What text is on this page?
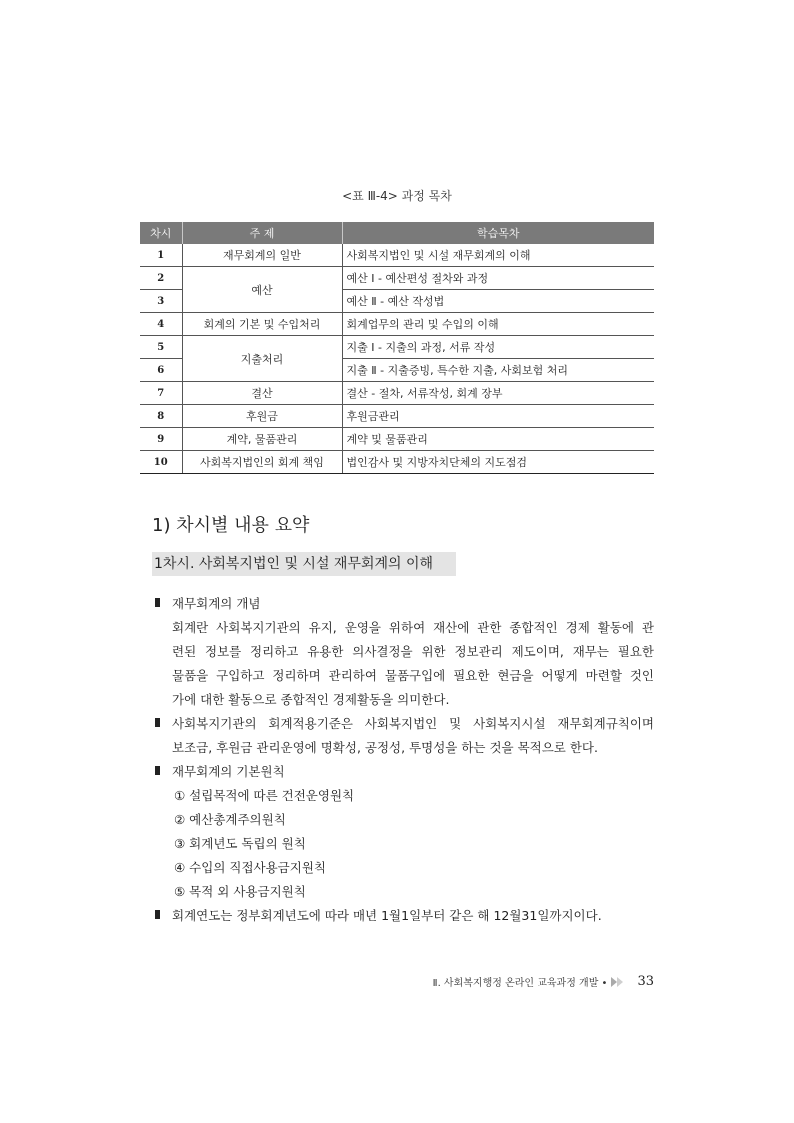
<표 Ⅲ-4> 과정 목차
차시	주 제	학습목차
1	재무회계의 일반	사회복지법인 및 시설 재무회계의 이해
2	예산	예산 Ⅰ - 예산편성 절차와 과정
3		예산 Ⅱ - 예산 작성법
4	회계의 기본 및 수입처리	회계업무의 관리 및 수입의 이해
5	지출처리	지출 Ⅰ - 지출의 과정, 서류 작성
6		지출 Ⅱ - 지출증빙, 특수한 지출, 사회보험 처리
7	결산	결산 - 절차, 서류작성, 회계 장부
8	후원금	후원금관리
9	계약, 물품관리	계약 및 물품관리
10	사회복지법인의 회계 책임	법인감사 및 지방자치단체의 지도점검
1) 차시별 내용 요약
1차시. 사회복지법인 및 시설 재무회계의 이해
재무회계의 개념
회계란 사회복지기관의 유지, 운영을 위하여 재산에 관한 종합적인 경제 활동에 관
련된 정보를 정리하고 유용한 의사결정을 위한 정보관리 제도이며, 재무는 필요한
물품을 구입하고 정리하며 관리하여 물품구입에 필요한 현금을 어떻게 마련할 것인
가에 대한 활동으로 종합적인 경제활동을 의미한다.
사회복지기관의 회계적용기준은 사회복지법인 및 사회복지시설 재무회계규칙이며
보조금, 후원금 관리운영에 명확성, 공정성, 투명성을 하는 것을 목적으로 한다.
재무회계의 기본원칙
① 설립목적에 따른 건전운영원칙
② 예산총계주의원칙
③ 회계년도 독립의 원칙
④ 수입의 직접사용금지원칙
⑤ 목적 외 사용금지원칙
회계연도는 정부회계년도에 따라 매년 1월1일부터 같은 해 12월31일까지이다.
Ⅱ. 사회복지행정 온라인 교육과정 개발 • 33
